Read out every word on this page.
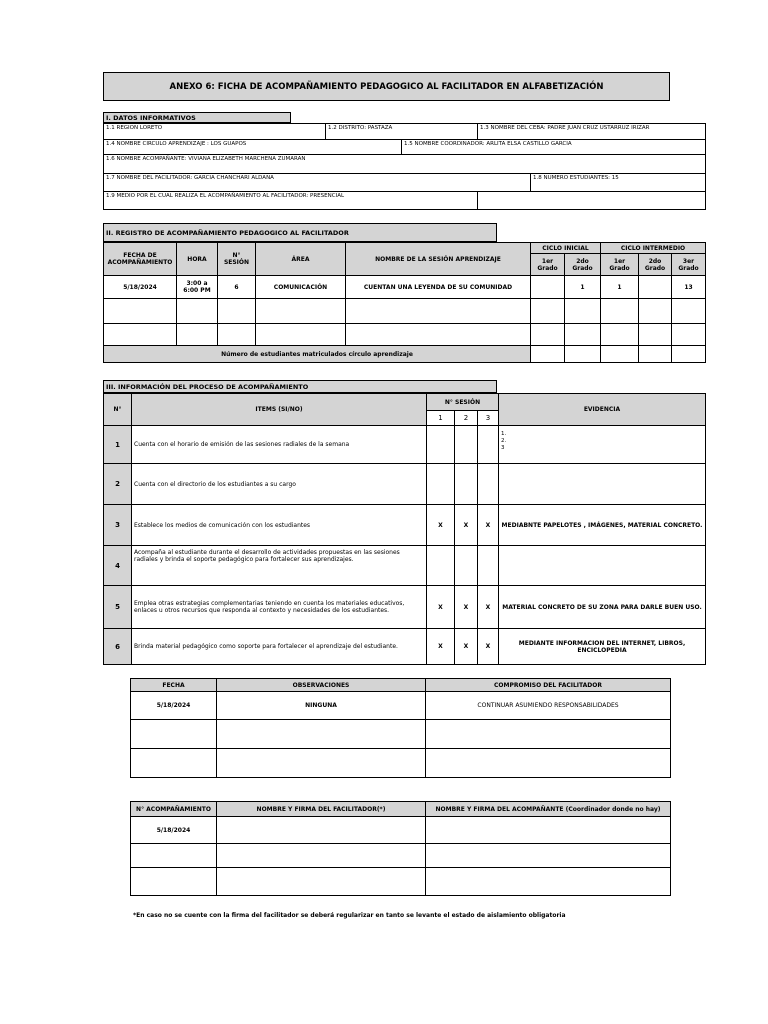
ANEXO 6: FICHA DE ACOMPAÑAMIENTO PEDAGOGICO AL FACILITADOR EN ALFABETIZACIÓN
I. DATOS INFORMATIVOS
1.1 REGION LORETO	1.2 DISTRITO: PASTAZA		1.3 NOMBRE DEL CEBA: PADRE JUAN CRUZ USTARRUZ IRIZAR	
1.4 NOMBRE CIRCULO APRENDIZAJE : LOS GUAPOS		1.5 NOMBRE COORDINADOR: ARLITA ELSA CASTILLO GARCIA		
1.6 NOMBRE ACOMPAÑANTE: VIVIANA ELIZABETH MARCHENA ZUMARAN				
1.7 NOMBRE DEL FACILITADOR: GARCIA CHANCHARI ALDANA				1.8 NUMERO ESTUDIANTES: 15
1.9 MEDIO POR EL CUAL REALIZA EL ACOMPAÑAMIENTO AL FACILITADOR: PRESENCIAL				
II. REGISTRO DE ACOMPAÑAMIENTO PEDAGOGICO AL FACILITADOR
FECHA DE ACOMPAÑAMIENTO	HORA	N° SESIÓN	ÁREA	NOMBRE DE LA SESIÓN APRENDIZAJE	CICLO INICIAL		CICLO INTERMEDIO		
					1er Grado	2do Grado	1er Grado	2do Grado	3er Grado
5/18/2024	3:00 a 6:00 PM	6	COMUNICACIÓN	CUENTAN UNA LEYENDA DE SU COMUNIDAD		1	1		13

Número de estudiantes matriculados círculo aprendizaje									
III. INFORMACIÓN DEL PROCESO DE ACOMPAÑAMIENTO
N°	ITEMS (SI/NO)	N° SESIÓN			EVIDENCIA
		1	2	3	
1	Cuenta con el horario de emisión de las sesiones radiales de la semana				1.
2.
3
2	Cuenta con el directorio de los estudiantes a su cargo				
3	Establece los medios de comunicación con los estudiantes	X	X	X	MEDIABNTE PAPELOTES , IMÁGENES, MATERIAL CONCRETO.
4	Acompaña al estudiante durante el desarrollo de actividades propuestas en las sesiones radiales y brinda el soporte pedagógico para fortalecer sus aprendizajes.				
5	Emplea otras estrategias complementarias teniendo en cuenta los materiales educativos, enlaces u otros recursos que responda al contexto y necesidades de los estudiantes.	X	X	X	MATERIAL CONCRETO DE SU ZONA PARA DARLE BUEN USO.
6	Brinda material pedagógico como soporte para fortalecer el aprendizaje del estudiante.	X	X	X	MEDIANTE INFORMACION DEL INTERNET, LIBROS, ENCICLOPEDIA
FECHA	OBSERVACIONES	COMPROMISO DEL FACILITADOR
5/18/2024	NINGUNA	CONTINUAR ASUMIENDO RESPONSABILIDADES

N° ACOMPAÑAMIENTO	NOMBRE Y FIRMA DEL FACILITADOR(*)	NOMBRE Y FIRMA DEL ACOMPAÑANTE (Coordinador donde no hay)
5/18/2024		

*En caso no se cuente con la firma del facilitador se deberá regularizar en tanto se levante el estado de aislamiento obligatoria
